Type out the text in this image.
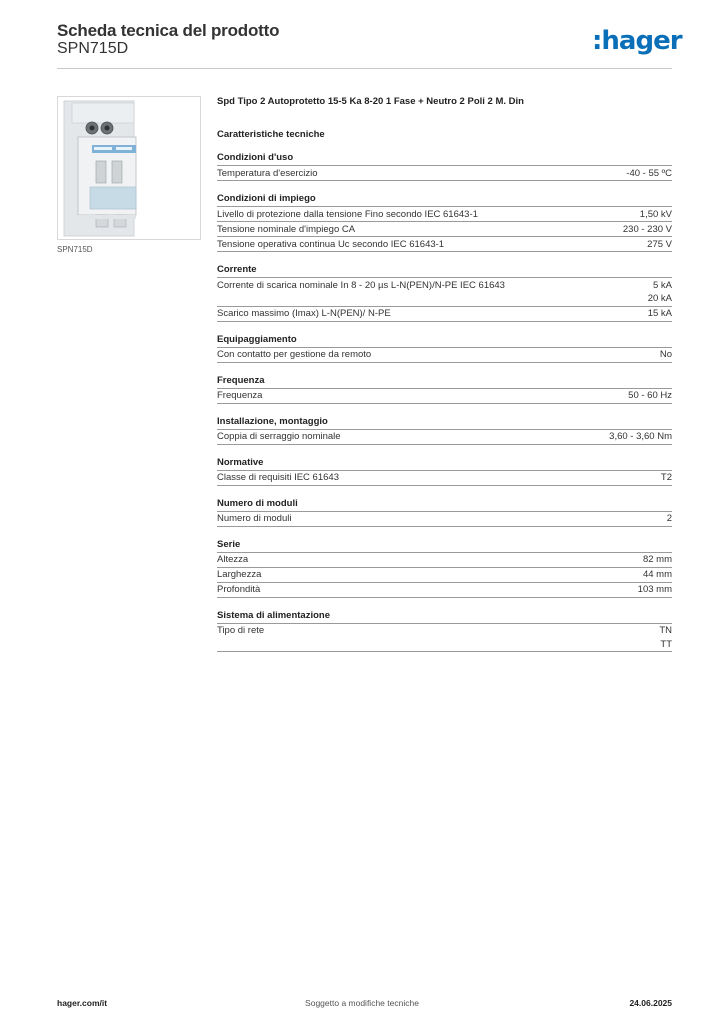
Scheda tecnica del prodotto
SPN715D	:hager
SPN715D
Spd Tipo 2 Autoprotetto 15-5 Ka 8-20 1 Fase + Neutro 2 Poli 2 M. Din
Caratteristiche tecniche
Condizioni d'uso
Temperatura d'esercizio	-40 - 55 ºC
Condizioni di impiego
Livello di protezione dalla tensione Fino secondo IEC 61643-1	1,50 kV
Tensione nominale d'impiego CA	230 - 230 V
Tensione operativa continua Uc secondo IEC 61643-1	275 V
Corrente
Corrente di scarica nominale In 8 - 20 µs L-N(PEN)/N-PE IEC 61643	5 kA
20 kA
Scarico massimo (Imax) L-N(PEN)/ N-PE	15 kA
Equipaggiamento
Con contatto per gestione da remoto	No
Frequenza
Frequenza	50 - 60 Hz
Installazione, montaggio
Coppia di serraggio nominale	3,60 - 3,60 Nm
Normative
Classe di requisiti IEC 61643	T2
Numero di moduli
Numero di moduli	2
Serie
Altezza	82 mm
Larghezza	44 mm
Profondità	103 mm
Sistema di alimentazione
Tipo di rete	TN
TT
hager.com/it	Soggetto a modifiche tecniche	24.06.2025
